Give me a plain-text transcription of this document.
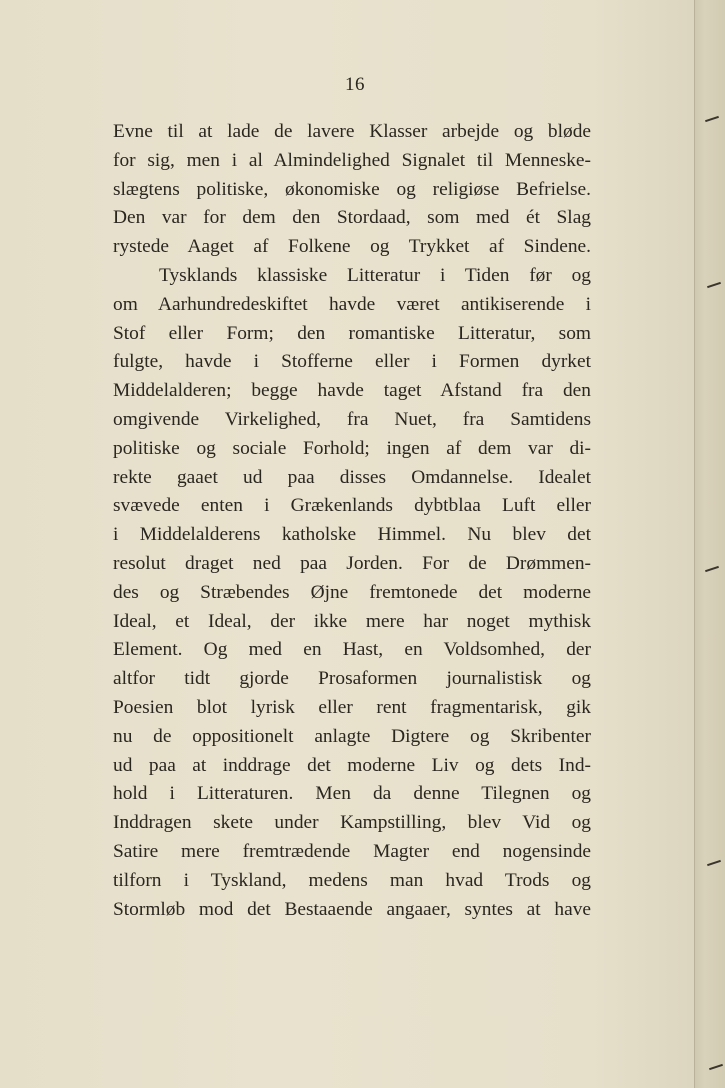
16
Evne til at lade de lavere Klasser arbejde og bløde
for sig, men i al Almindelighed Signalet til Menneske-
slægtens politiske, økonomiske og religiøse Befrielse.
Den var for dem den Stordaad, som med ét Slag
rystede Aaget af Folkene og Trykket af Sindene.
Tysklands klassiske Litteratur i Tiden før og
om Aarhundredeskiftet havde været antikiserende i
Stof eller Form; den romantiske Litteratur, som
fulgte, havde i Stofferne eller i Formen dyrket
Middelalderen; begge havde taget Afstand fra den
omgivende Virkelighed, fra Nuet, fra Samtidens
politiske og sociale Forhold; ingen af dem var di-
rekte gaaet ud paa disses Omdannelse. Idealet
svævede enten i Grækenlands dybtblaa Luft eller
i Middelalderens katholske Himmel. Nu blev det
resolut draget ned paa Jorden. For de Drømmen-
des og Stræbendes Øjne fremtonede det moderne
Ideal, et Ideal, der ikke mere har noget mythisk
Element. Og med en Hast, en Voldsomhed, der
altfor tidt gjorde Prosaformen journalistisk og
Poesien blot lyrisk eller rent fragmentarisk, gik
nu de oppositionelt anlagte Digtere og Skribenter
ud paa at inddrage det moderne Liv og dets Ind-
hold i Litteraturen. Men da denne Tilegnen og
Inddragen skete under Kampstilling, blev Vid og
Satire mere fremtrædende Magter end nogensinde
tilforn i Tyskland, medens man hvad Trods og
Stormløb mod det Bestaaende angaaer, syntes at have
